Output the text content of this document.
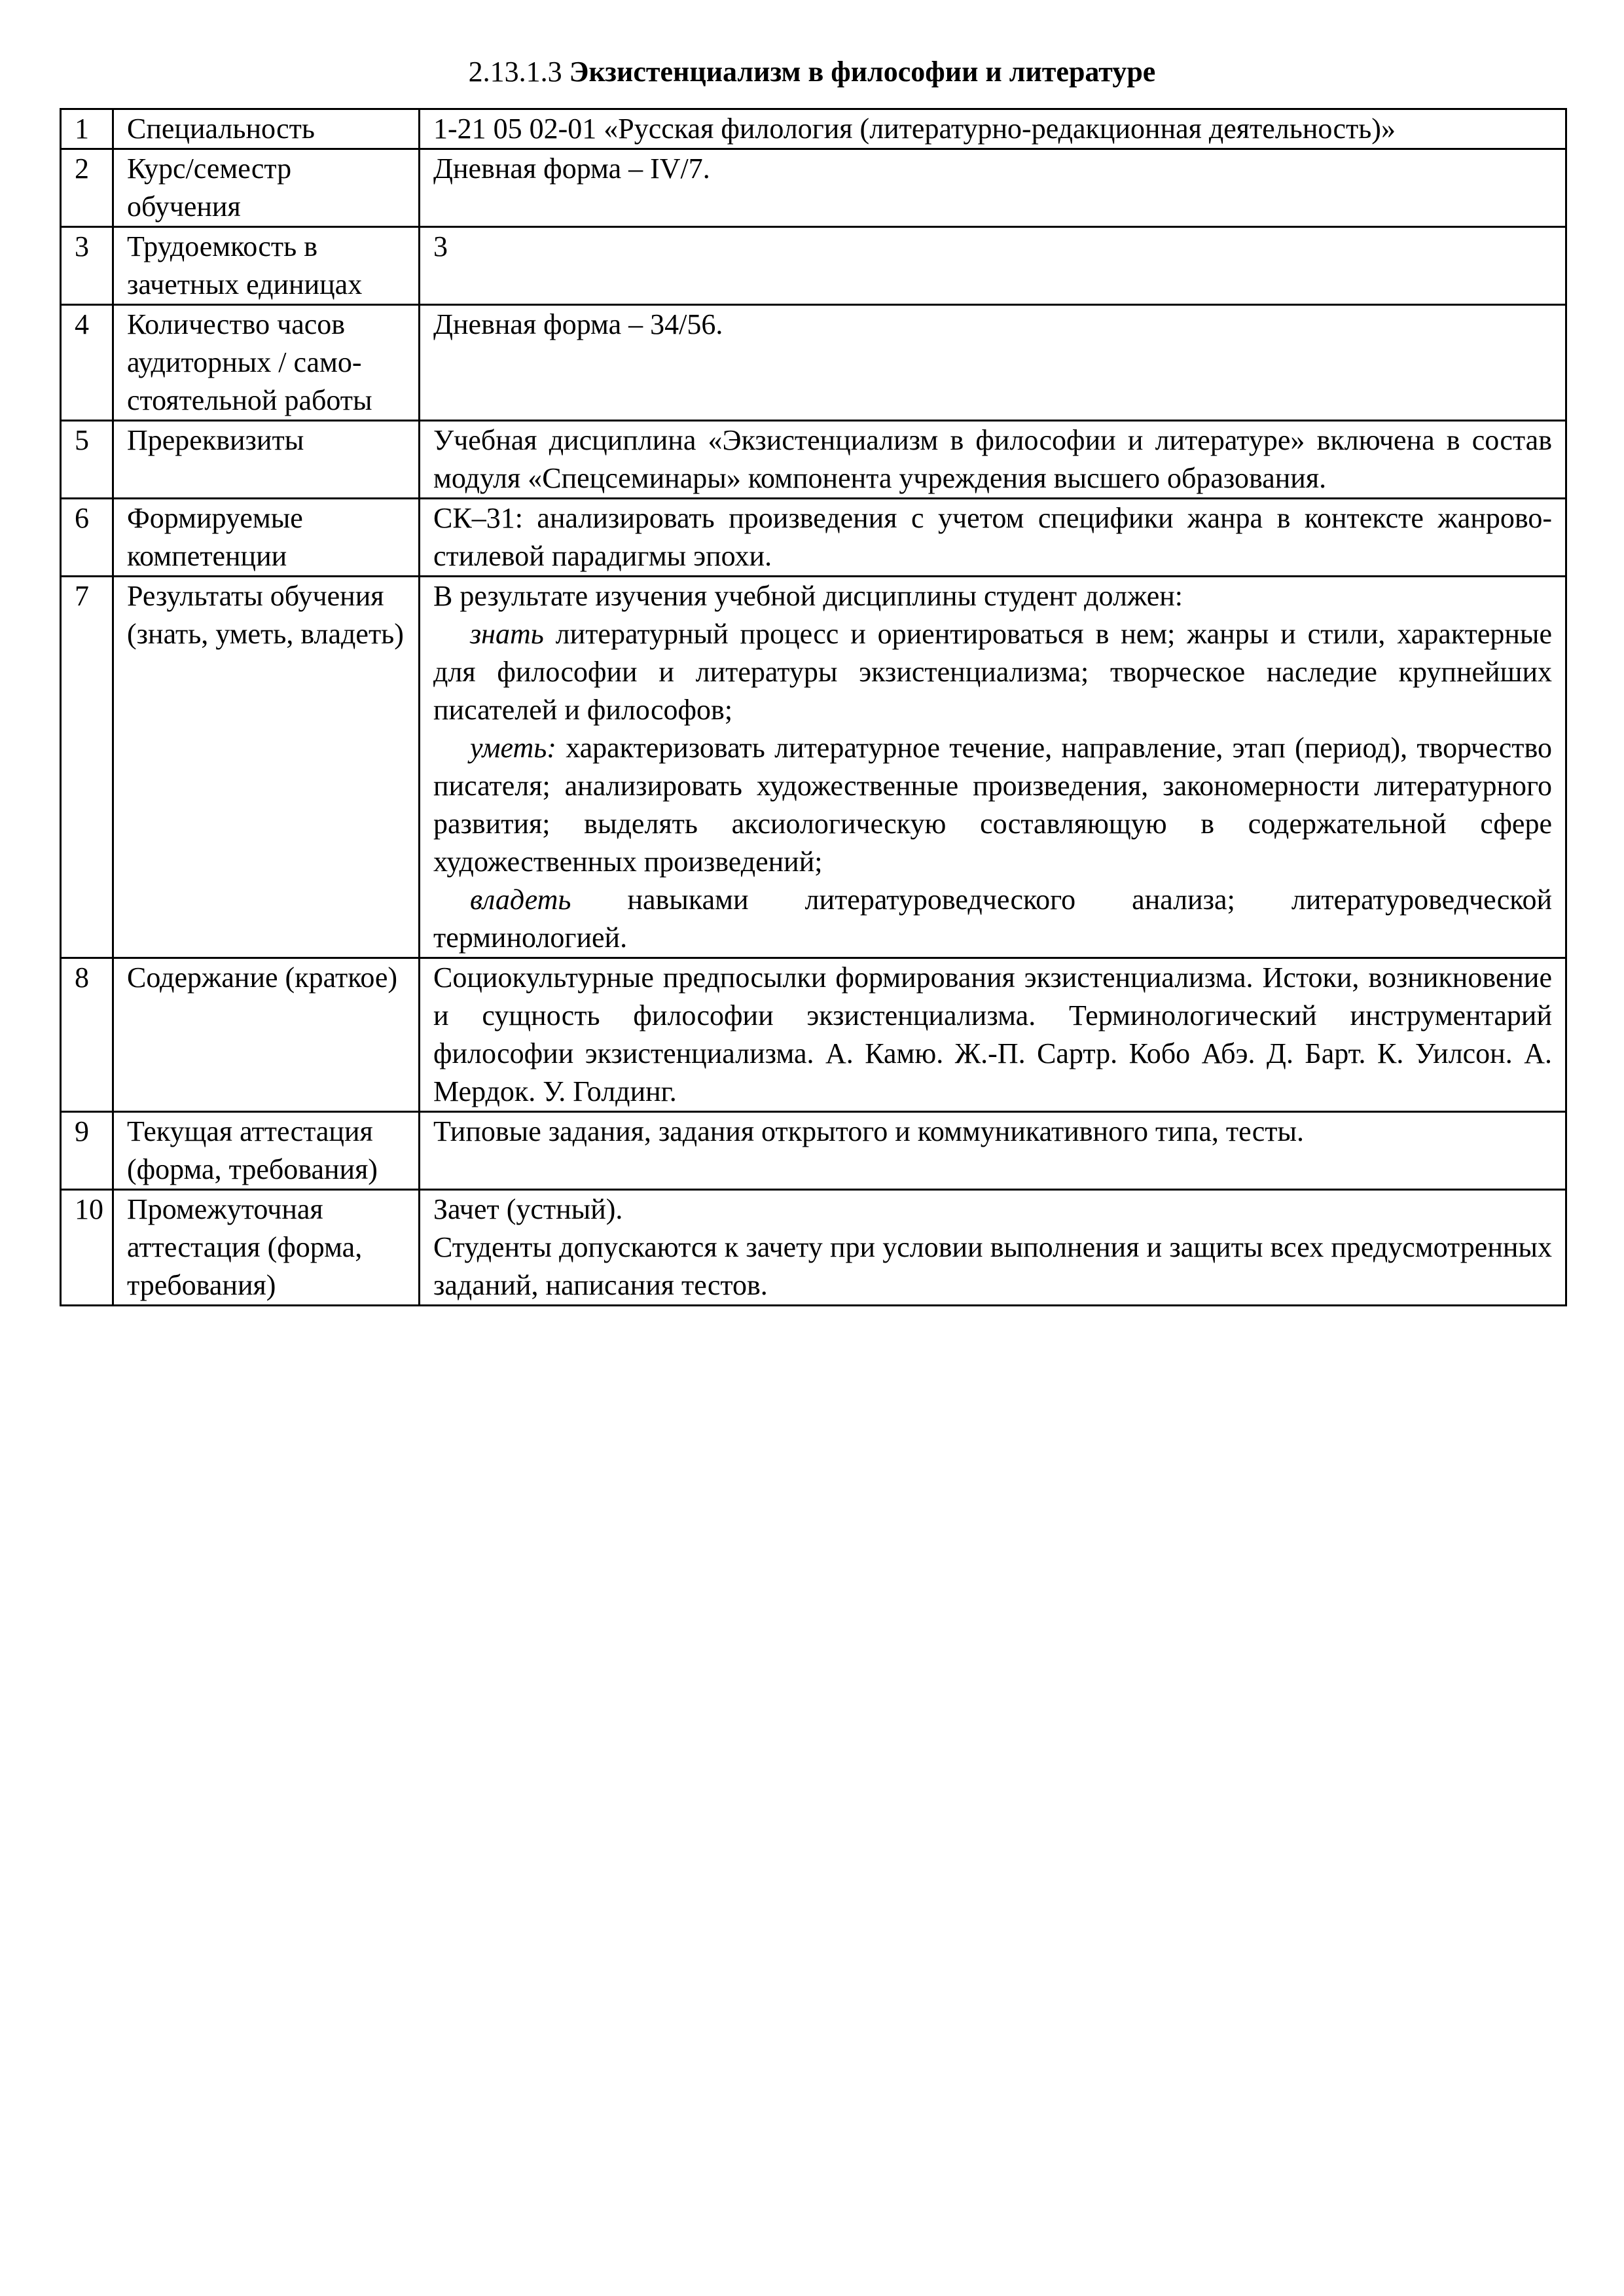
2.13.1.3 Экзистенциализм в философии и литературе
1	Специальность	1-21 05 02-01 «Русская филология (литературно-редакционная деятельность)»
2	Курс/семестр обучения	Дневная форма – IV/7.
3	Трудоемкость в зачетных единицах	3
4	Количество часов аудиторных / само-стоятельной работы	Дневная форма – 34/56.
5	Пререквизиты	Учебная дисциплина «Экзистенциализм в философии и литературе» включена в состав модуля «Спецсеминары» компонента учреждения высшего образования.
6	Формируемые компетенции	СК–31: анализировать произведения с учетом специфики жанра в контексте жанрово-стилевой парадигмы эпохи.
7	Результаты обучения (знать, уметь, владеть)	В результате изучения учебной дисциплины студент должен:
знать литературный процесс и ориентироваться в нем; жанры и стили, характерные для философии и литературы экзистенциализма; творческое наследие крупнейших писателей и философов;
уметь: характеризовать литературное течение, направление, этап (период), творчество писателя; анализировать художественные произведения, закономерности литературного развития; выделять аксиологическую составляющую в содержательной сфере художественных произведений;
владеть навыками литературоведческого анализа; литературоведческой терминологией.

8	Содержание (краткое)	Социокультурные предпосылки формирования экзистенциализма. Истоки, возникновение и сущность философии экзистенциализма. Терминологический инструментарий философии экзистенциализма. А. Камю. Ж.-П. Сартр. Кобо Абэ. Д. Барт. К. Уилсон. А. Мердок. У. Голдинг.
9	Текущая аттестация (форма, требования)	Типовые задания, задания открытого и коммуникативного типа, тесты.
10	Промежуточная аттестация (форма, требования)	Зачет (устный).
Студенты допускаются к зачету при условии выполнения и защиты всех предусмотренных заданий, написания тестов.
